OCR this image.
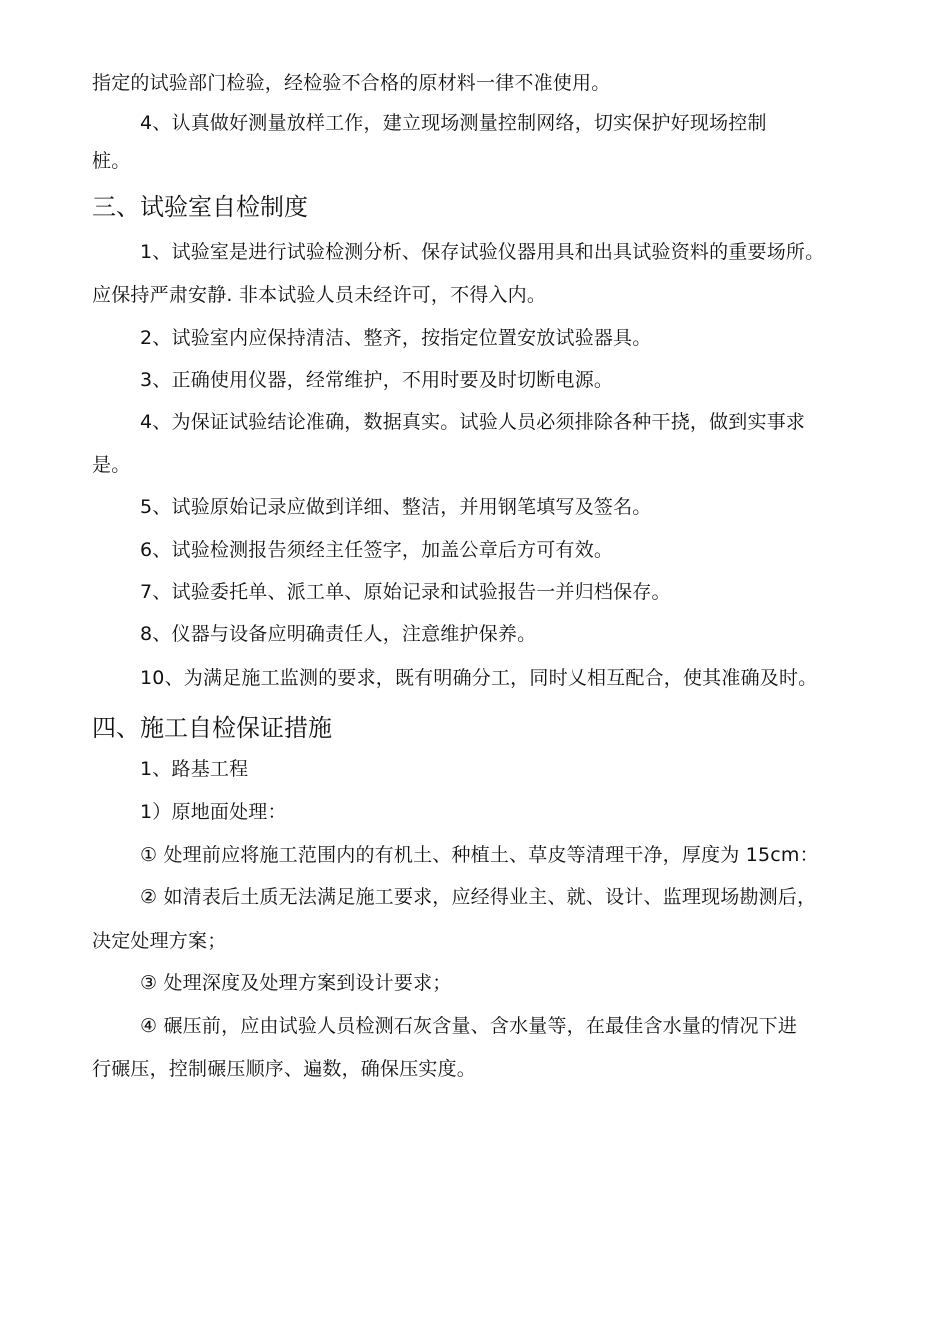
指定的试验部门检验，经检验不合格的原材料一律不准使用。
4、认真做好测量放样工作，建立现场测量控制网络，切实保护好现场控制
桩。
三、试验室自检制度
1、试验室是进行试验检测分析、保存试验仪器用具和出具试验资料的重要场所。
应保持严肃安静. 非本试验人员未经许可，不得入内。
2、试验室内应保持清洁、整齐，按指定位置安放试验器具。
3、正确使用仪器，经常维护，不用时要及时切断电源。
4、为保证试验结论准确，数据真实。试验人员必须排除各种干挠，做到实事求
是。
5、试验原始记录应做到详细、整洁，并用钢笔填写及签名。
6、试验检测报告须经主任签字，加盖公章后方可有效。
7、试验委托单、派工单、原始记录和试验报告一并归档保存。
8、仪器与设备应明确责任人，注意维护保养。
10、为满足施工监测的要求，既有明确分工，同时乂相互配合，使其准确及时。
四、施工自检保证措施
1、路基工程
1）原地面处理：
① 处理前应将施工范围内的有机土、种植土、草皮等清理干净，厚度为 15cm：
② 如清表后土质无法满足施工要求，应经得业主、就、设计、监理现场勘测后，
决定处理方案；
③ 处理深度及处理方案到设计要求；
④ 碾压前，应由试验人员检测石灰含量、含水量等，在最佳含水量的情况下进
行碾压，控制碾压顺序、遍数，确保压实度。
